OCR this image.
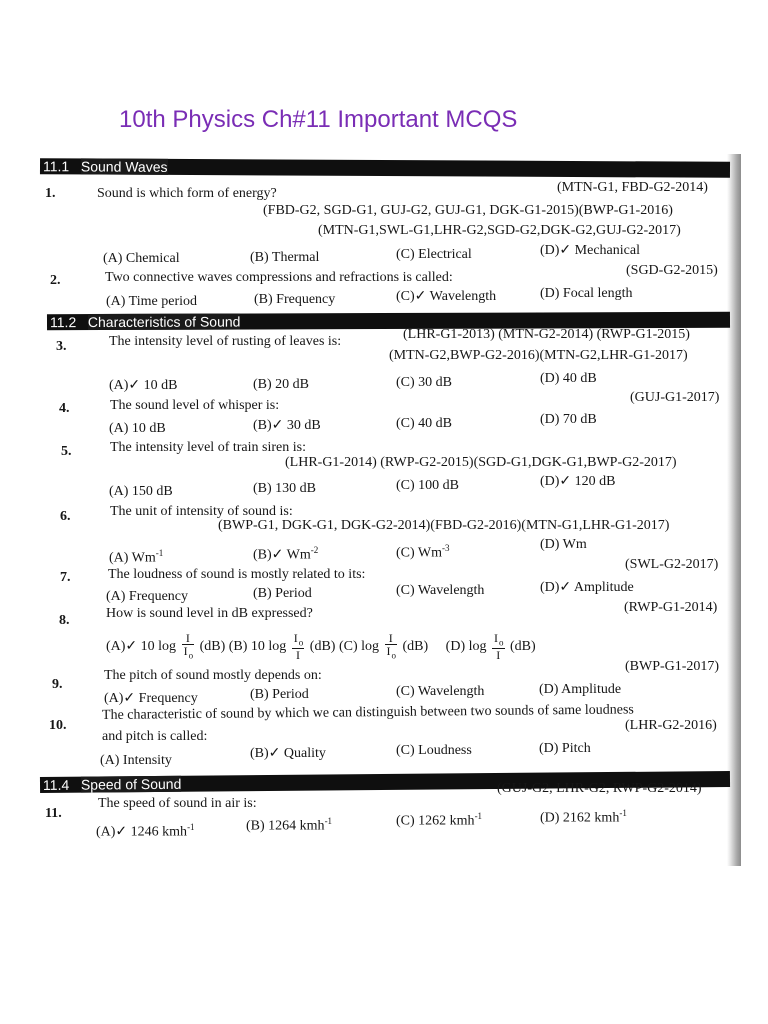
10th Physics Ch#11 Important MCQS
11.1 Sound Waves
1.	Sound is which form of energy?	(MTN-G1, FBD-G2-2014)
(FBD-G2, SGD-G1, GUJ-G2, GUJ-G1, DGK-G1-2015)(BWP-G1-2016)
(MTN-G1,SWL-G1,LHR-G2,SGD-G2,DGK-G2,GUJ-G2-2017)
(A) Chemical	(B) Thermal	(C) Electrical	(D)✓ Mechanical
2.	Two connective waves compressions and refractions is called:	(SGD-G2-2015)
(A) Time period	(B) Frequency	(C)✓ Wavelength	(D) Focal length
11.2 Characteristics of Sound
3.	The intensity level of rusting of leaves is:	(LHR-G1-2013) (MTN-G2-2014) (RWP-G1-2015)
(MTN-G2,BWP-G2-2016)(MTN-G2,LHR-G1-2017)
(A)✓ 10 dB	(B) 20 dB	(C) 30 dB	(D) 40 dB
4.	The sound level of whisper is:
(GUJ-G1-2017)
(A) 10 dB	(B)✓ 30 dB	(C) 40 dB	(D) 70 dB
5.	The intensity level of train siren is:
(LHR-G1-2014) (RWP-G2-2015)(SGD-G1,DGK-G1,BWP-G2-2017)
(A) 150 dB	(B) 130 dB	(C) 100 dB	(D)✓ 120 dB
6.	The unit of intensity of sound is:
(BWP-G1, DGK-G1, DGK-G2-2014)(FBD-G2-2016)(MTN-G1,LHR-G1-2017)
(A) $Wm^{-1}$	(B)✓ $Wm^{-2}$	(C) $Wm^{-3}$	(D) Wm
7.	The loudness of sound is mostly related to its:
(SWL-G2-2017)
(A) Frequency	(B) Period	(C) Wavelength	(D)✓ Amplitude
8.	How is sound level in dB expressed?	(RWP-G1-2014)
(A)✓ 10 $\log \frac{I}{I_o} (dB)$ (B) 10 $\log \frac{I_o}{I} (dB)$ (C) $\log \frac{I}{I_o} (dB)$ (D) $\log \frac{I_o}{I} (dB)$
9.
The pitch of sound mostly depends on:
(BWP-G1-2017)
(A)✓ Frequency	(B) Period	(C) Wavelength	(D) Amplitude
10.
The characteristic of sound by which we can distinguish between two sounds of same loudness
and pitch is called:
(LHR-G2-2016)
(A) Intensity	(B)✓ Quality	(C) Loudness	(D) Pitch
11.4 Speed of Sound
11.
The speed of sound in air is:
(GUJ-G2, LHR-G2, RWP-G2-2014)
(A)✓ 1246 kmh$^{-1}$	(B) 1264 kmh$^{-1}$	(C) 1262 kmh$^{-1}$	(D) 2162 kmh$^{-1}$
